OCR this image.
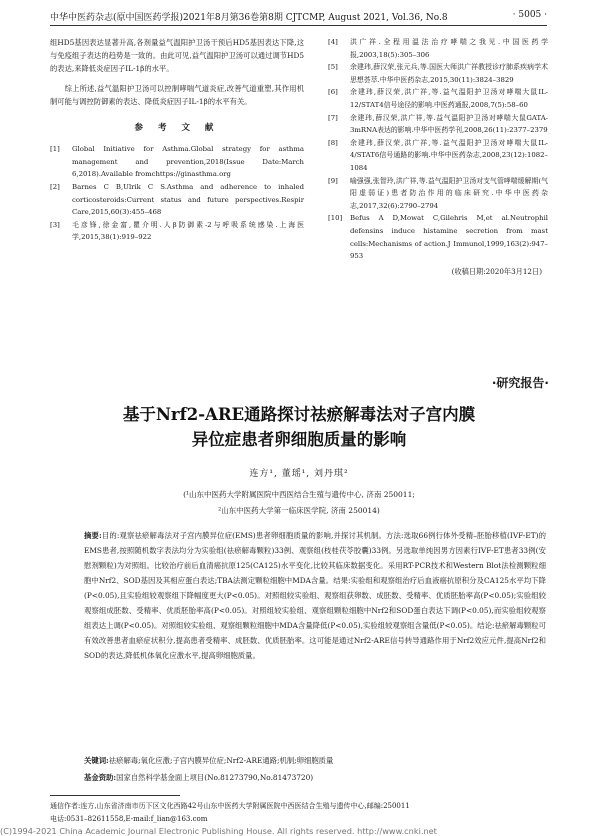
中华中医药杂志(原中国医药学报)2021年8月第36卷第8期 CJTCMP, August 2021, Vol.36, No.8	· 5005 ·

组HD5基因表达显著升高,各剂量益气温阳护卫汤干预后HD5基因表达下降,这与免疫组子表达的趋势是一致的。由此可见,益气温阳护卫汤可以通过调节HD5的表达,来降低炎症因子IL-1β的水平。

综上所述,益气温阳护卫汤可以控制哮喘气道炎症,改善气道重塑,其作用机制可能与调控防御素的表达、降低炎症因子IL-1β的水平有关。

参 考 文 献
[1] Global Initiative for Asthma.Global strategy for asthma management and prevention,2018(Issue Date:March 6,2018).Available fromchttps://ginasthma.org
[2] Barnes C B,Ulrik C S.Asthma and adherence to inhaled corticosteroids:Current status and future perspectives.Respir Care,2015,60(3):455–468
[3] 毛彦锋,徐金富,瞿介明.人β防御素-2与呼吸系统感染.上海医学,2015,38(1):919–922
[4] 洪广祥.全程用温法治疗哮喘之我见.中国医药学报,2003,18(5):305–306
[5] 余建玮,薛汉荣,张元兵,等.国医大师洪广祥教授诊疗肺系疾病学术思想荟萃.中华中医药杂志,2015,30(11):3824–3829
[6] 余建玮,薛汉荣,洪广祥,等.益气温阳护卫汤对哮喘大鼠IL-12/STAT4信号途径的影响.中医药通报,2008,7(5):58–60
[7] 余建玮,薛汉荣,洪广祥,等.益气温阳护卫汤对哮喘大鼠GATA-3mRNA表达的影响.中华中医药学刊,2008,26(11):2377–2379
[8] 余建玮,薛汉荣,洪广祥,等.益气温阳护卫汤对哮喘大鼠IL-4/STAT6信号通路的影响.中华中医药杂志,2008,23(12):1082–1084
[9] 喻强强,张智玲,洪广祥,等.益气温阳护卫汤对支气管哮喘缓解期(气阳虚弱证)患者防治作用的临床研究.中华中医药杂志,2017,32(6):2790–2794
[10] Befus A D,Mowat C,Gilehris M,et al.Neutrophil defensins induce histamine secretion from mast cells:Mechanisms of action.J Immunol,1999,163(2):947–953
(收稿日期:2020年3月12日)
·研究报告·
基于Nrf2-ARE通路探讨祛瘀解毒法对子宫内膜
异位症患者卵细胞质量的影响
连方¹, 董瑶¹, 刘丹琪²
(¹山东中医药大学附属医院中西医结合生殖与遗传中心, 济南 250011;
²山东中医药大学第一临床医学院, 济南 250014)
摘要:目的:观察祛瘀解毒法对子宫内膜异位症(EMS)患者卵细胞质量的影响,并探讨其机制。方法:选取66例行体外受精–胚胎移植(IVF-ET)的EMS患者,按照随机数字表法均分为实验组(祛瘀解毒颗粒)33例、观察组(枝桂茯苓胶囊)33例。另选取单纯因男方因素行IVF-ET患者33例(安慰剂颗粒)为对照组。比较治疗前后血清癌抗原125(CA125)水平变化,比较其临床数据变化。采用RT-PCR技术和Western Blot法检测颗粒细胞中Nrf2、SOD基因及其相应蛋白表达;TBA法测定颗粒细胞中MDA含量。结果:实验组和观察组治疗后血液癌抗原积分及CA125水平均下降(P<0.05),且实验组较观察组下降幅度更大(P<0.05)。对照组较实验组、观察组获卵数、成胚数、受精率、优质胚胎率高(P<0.05);实验组较观察组成胚数、受精率、优质胚胎率高(P<0.05)。对照组较实验组、观察组颗粒细胞中Nrf2和SOD蛋白表达下调(P<0.05),而实验组较观察组表达上调(P<0.05)。对照组较实验组、观察组颗粒细胞中MDA含量降低(P<0.05),实验组较观察组含量低(P<0.05)。结论:祛瘀解毒颗粒可有效改善患者血瘀症状积分,提高患者受精率、成胚数、优质胚胎率。这可能是通过Nrf2-ARE信号转导通路作用于Nrf2效应元件,提高Nrf2和SOD的表达,降低机体氧化应激水平,提高卵细胞质量。
关键词:祛瘀解毒;氧化应激;子宫内膜异位症;Nrf2-ARE通路;机制;卵细胞质量
基金资助:国家自然科学基金面上项目(No.81273790,No.81473720)
通信作者:连方,山东省济南市历下区文化西路42号山东中医药大学附属医院中西医结合生殖与遗传中心,邮编:250011
电话:0531–82611558,E-mail:f_lian@163.com
(C)1994-2021 China Academic Journal Electronic Publishing House. All rights reserved. http://www.cnki.net
